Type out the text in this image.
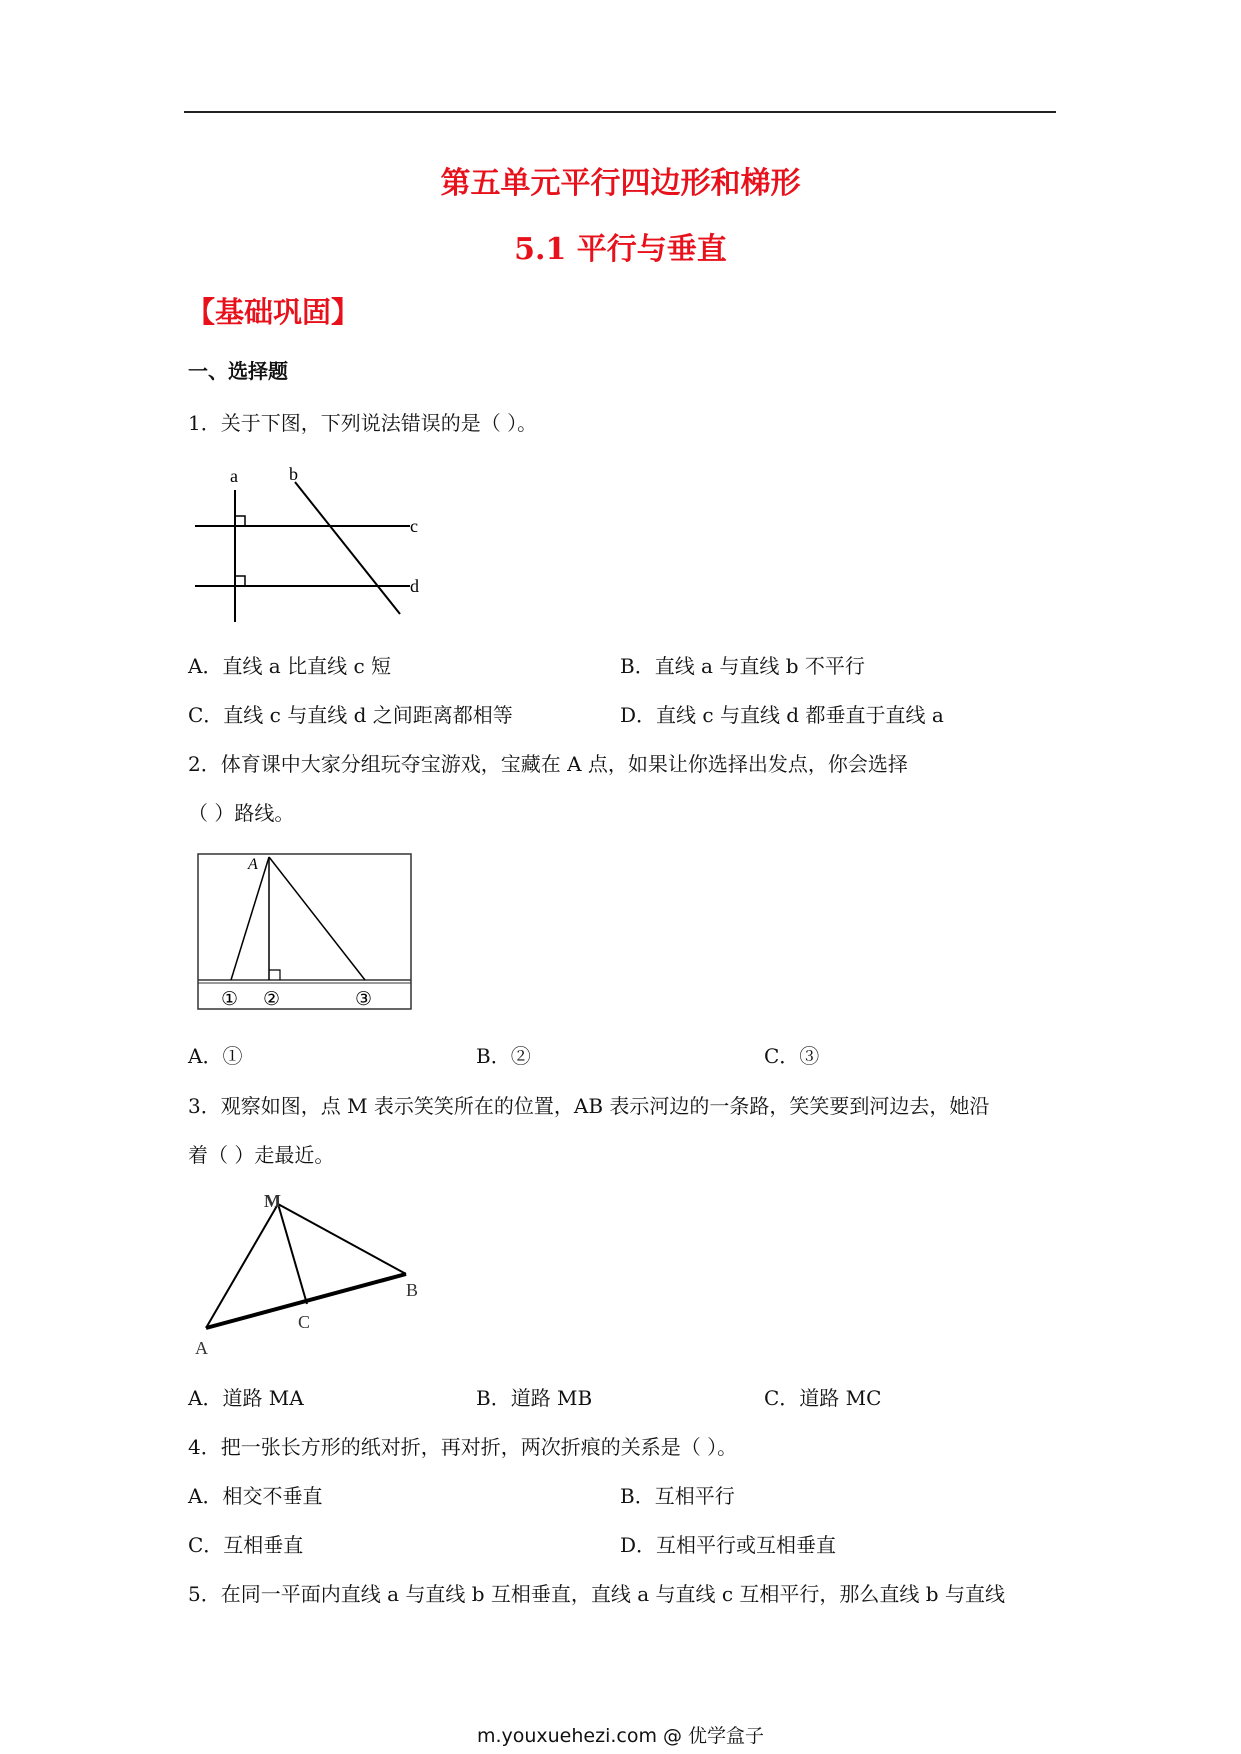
第五单元平行四边形和梯形
5.1 平行与垂直
【基础巩固】
一、选择题
1．关于下图，下列说法错误的是（ ）。
a	b
c
d
A．直线 a 比直线 c 短	B．直线 a 与直线 b 不平行
C．直线 c 与直线 d 之间距离都相等	D．直线 c 与直线 d 都垂直于直线 a
2．体育课中大家分组玩夺宝游戏，宝藏在 A 点，如果让你选择出发点，你会选择
（ ）路线。
A
① ②	③
A．①	B．②	C．③
3．观察如图，点 M 表示笑笑所在的位置，AB 表示河边的一条路，笑笑要到河边去，她沿
着（ ）走最近。
M
B
C
A
A．道路 MA	B．道路 MB	C．道路 MC
4．把一张长方形的纸对折，再对折，两次折痕的关系是（ ）。
A．相交不垂直	B．互相平行
C．互相垂直	D．互相平行或互相垂直
5．在同一平面内直线 a 与直线 b 互相垂直，直线 a 与直线 c 互相平行，那么直线 b 与直线
m.youxuehezi.com @ 优学盒子
